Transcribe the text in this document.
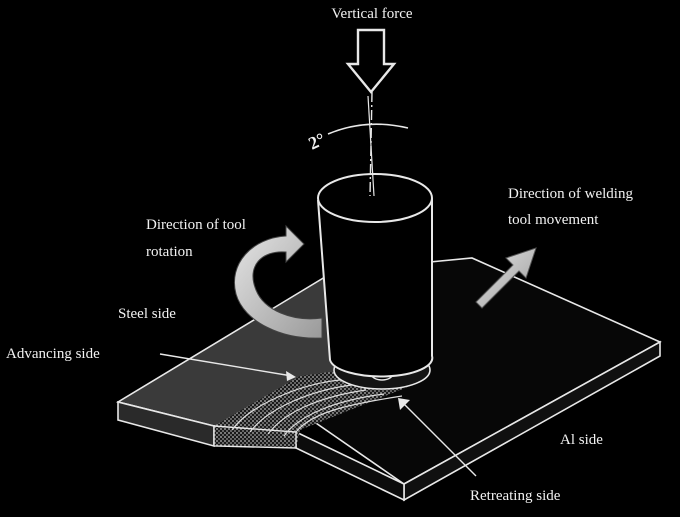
2°
Vertical force
Direction of tool
rotation
Direction of welding
tool movement
Steel side
Advancing side
Al side
Retreating side
